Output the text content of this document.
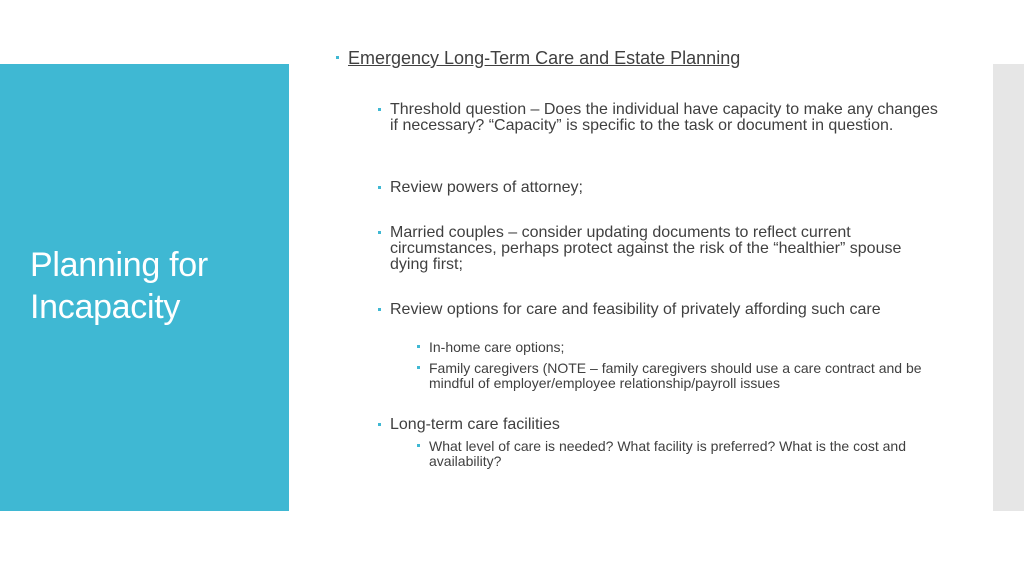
Planning for
Incapacity
Emergency Long-Term Care and Estate Planning
Threshold question – Does the individual have capacity to make any changes if necessary? “Capacity” is specific to the task or document in question.
Review powers of attorney;
Married couples – consider updating documents to reflect current circumstances, perhaps protect against the risk of the “healthier” spouse dying first;
Review options for care and feasibility of privately affording such care
In-home care options;
Family caregivers (NOTE – family caregivers should use a care contract and be mindful of employer/employee relationship/payroll issues
Long-term care facilities
What level of care is needed? What facility is preferred? What is the cost and availability?
